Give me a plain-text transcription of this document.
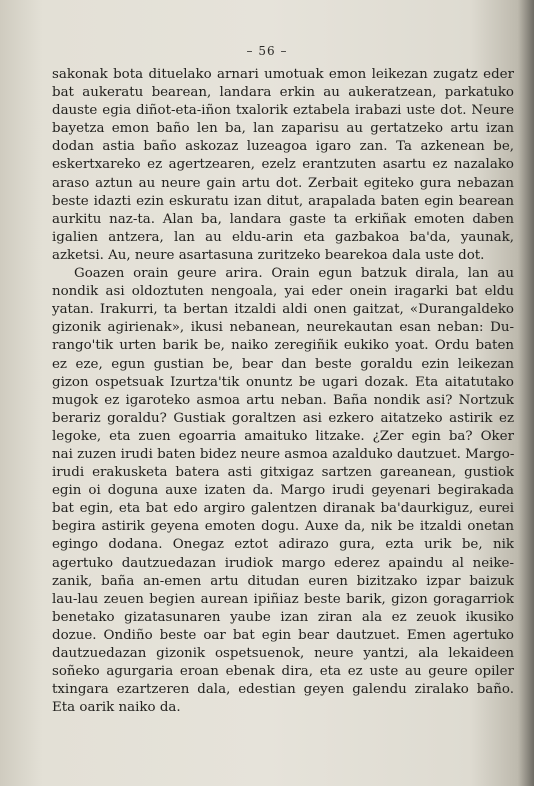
– 56 –
sakonak bota dituelako arnari umotuak emon leikezan zugatz eder
bat aukeratu bearean, landara erkin au aukeratzean, parkatuko
dauste egia diñot-eta-iñon txalorik eztabela irabazi uste dot. Neure
bayetza emon baño len ba, lan zaparisu au gertatzeko artu izan
dodan astia baño askozaz luzeagoa igaro zan. Ta azkenean be,
eskertxareko ez agertzearen, ezelz erantzuten asartu ez nazalako
araso aztun au neure gain artu dot. Zerbait egiteko gura nebazan
beste idazti ezin eskuratu izan ditut, arapalada baten egin bearean
aurkitu naz-ta. Alan ba, landara gaste ta erkiñak emoten daben
igalien antzera, lan au eldu-arin eta gazbakoa ba'da, yaunak,
azketsi. Au, neure asartasuna zuritzeko bearekoa dala uste dot.
Goazen orain geure arira. Orain egun batzuk dirala, lan au
nondik asi oldoztuten nengoala, yai eder onein iragarki bat eldu
yatan. Irakurri, ta bertan itzaldi aldi onen gaitzat, «Durangaldeko
gizonik agirienak», ikusi nebanean, neurekautan esan neban: Du-
rango'tik urten barik be, naiko zeregiñik eukiko yoat. Ordu baten
ez eze, egun gustian be, bear dan beste goraldu ezin leikezan
gizon ospetsuak Izurtza'tik onuntz be ugari dozak. Eta aitatutako
mugok ez igaroteko asmoa artu neban. Baña nondik asi? Nortzuk
berariz goraldu? Gustiak goraltzen asi ezkero aitatzeko astirik ez
legoke, eta zuen egoarria amaituko litzake. ¿Zer egin ba? Oker
nai zuzen irudi baten bidez neure asmoa azalduko dautzuet. Margo-
irudi erakusketa batera asti gitxigaz sartzen gareanean, gustiok
egin oi doguna auxe izaten da. Margo irudi geyenari begirakada
bat egin, eta bat edo argiro galentzen diranak ba'daurkiguz, eurei
begira astirik geyena emoten dogu. Auxe da, nik be itzaldi onetan
egingo dodana. Onegaz eztot adirazo gura, ezta urik be, nik
agertuko dautzuedazan irudiok margo ederez apaindu al neike-
zanik, baña an-emen artu ditudan euren bizitzako izpar baizuk
lau-lau zeuen begien aurean ipiñiaz beste barik, gizon goragarriok
benetako gizatasunaren yaube izan ziran ala ez zeuok ikusiko
dozue. Ondiño beste oar bat egin bear dautzuet. Emen agertuko
dautzuedazan gizonik ospetsuenok, neure yantzi, ala lekaideen
soñeko agurgaria eroan ebenak dira, eta ez uste au geure opiler
txingara ezartzeren dala, edestian geyen galendu ziralako baño.
Eta oarik naiko da.
